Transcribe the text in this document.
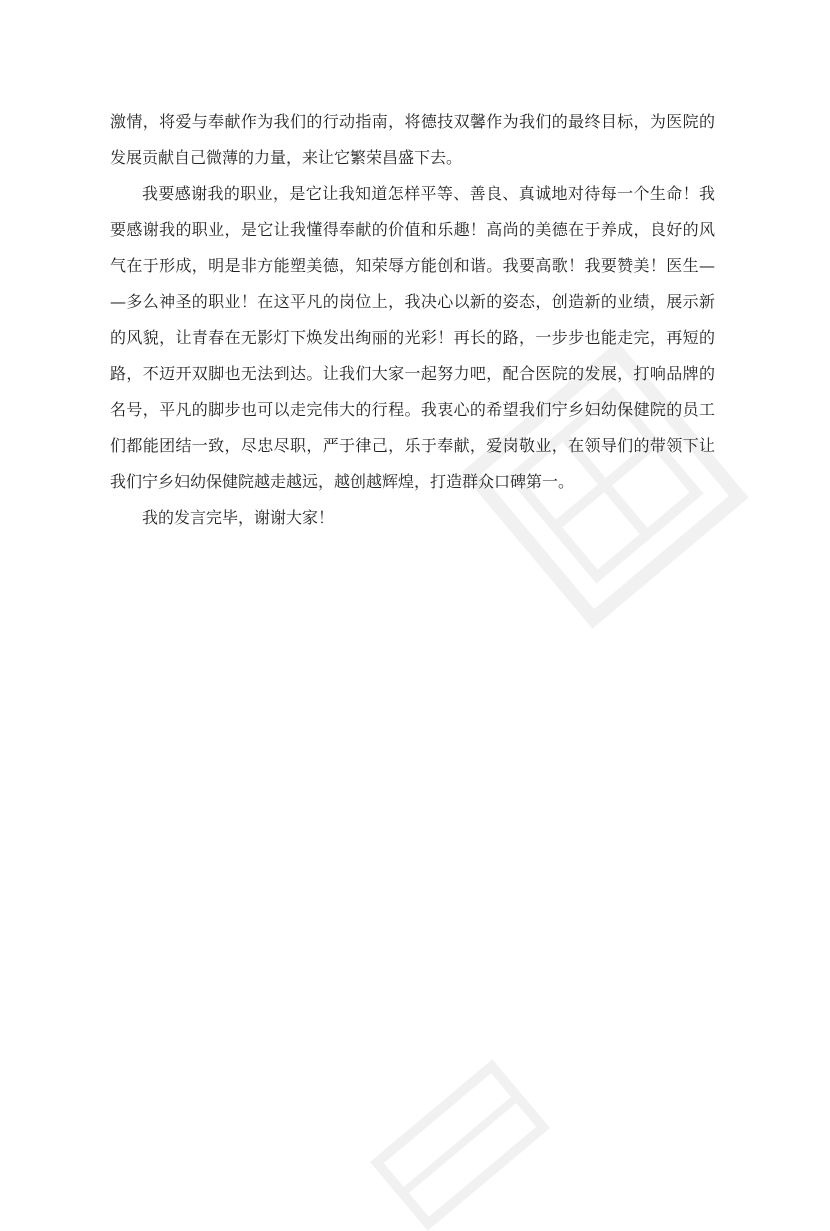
激情，将爱与奉献作为我们的行动指南，将德技双馨作为我们的最终目标，为医院的发展贡献自己微薄的力量，来让它繁荣昌盛下去。

我要感谢我的职业，是它让我知道怎样平等、善良、真诚地对待每一个生命！我要感谢我的职业，是它让我懂得奉献的价值和乐趣！高尚的美德在于养成，良好的风气在于形成，明是非方能塑美德，知荣辱方能创和谐。我要高歌！我要赞美！医生——多么神圣的职业！在这平凡的岗位上，我决心以新的姿态，创造新的业绩，展示新的风貌，让青春在无影灯下焕发出绚丽的光彩！再长的路，一步步也能走完，再短的路，不迈开双脚也无法到达。让我们大家一起努力吧，配合医院的发展，打响品牌的名号，平凡的脚步也可以走完伟大的行程。我衷心的希望我们宁乡妇幼保健院的员工们都能团结一致，尽忠尽职，严于律己，乐于奉献，爱岗敬业，在领导们的带领下让我们宁乡妇幼保健院越走越远，越创越辉煌，打造群众口碑第一。

我的发言完毕，谢谢大家！
